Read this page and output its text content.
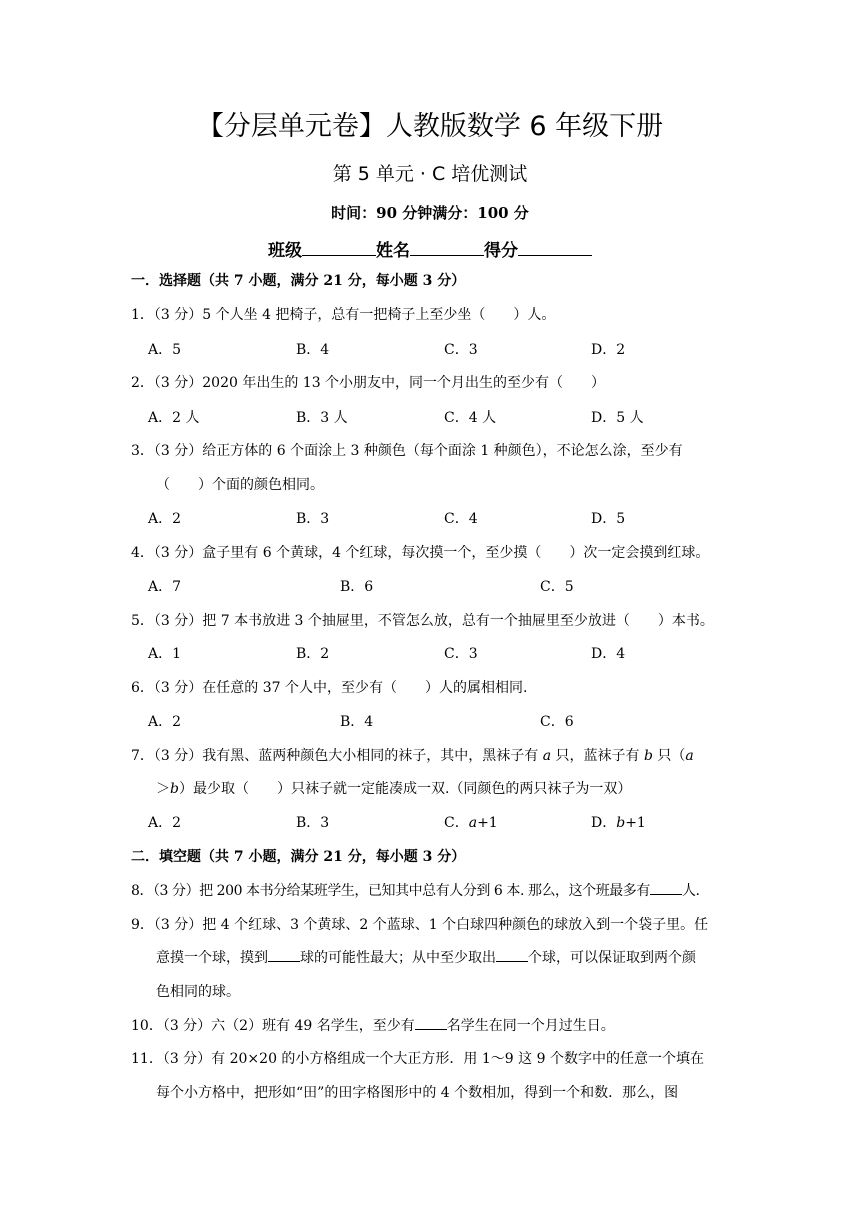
【分层单元卷】人教版数学 6 年级下册
第 5 单元 · C 培优测试
时间：90 分钟满分：100 分
班级	姓名	得分
一．选择题（共 7 小题，满分 21 分，每小题 3 分）
1．（3 分）5 个人坐 4 把椅子，总有一把椅子上至少坐（　　）人。
A．5	B．4	C．3	D．2
2．（3 分）2020 年出生的 13 个小朋友中，同一个月出生的至少有（　　）
A．2 人	B．3 人	C．4 人	D．5 人
3．（3 分）给正方体的 6 个面涂上 3 种颜色（每个面涂 1 种颜色），不论怎么涂，至少有
（　　）个面的颜色相同。
A．2	B．3	C．4	D．5
4．（3 分）盒子里有 6 个黄球，4 个红球，每次摸一个，至少摸（　　）次一定会摸到红球。
A．7	B．6	C．5
5．（3 分）把 7 本书放进 3 个抽屉里，不管怎么放，总有一个抽屉里至少放进（　　）本书。
A．1	B．2	C．3	D．4
6．（3 分）在任意的 37 个人中，至少有（　　）人的属相相同.
A．2	B．4	C．6
7．（3 分）我有黑、蓝两种颜色大小相同的袜子，其中，黑袜子有 a 只，蓝袜子有 b 只（a
＞b）最少取（　　）只袜子就一定能凑成一双.（同颜色的两只袜子为一双）
A．2	B．3	C．a+1	D．b+1
二．填空题（共 7 小题，满分 21 分，每小题 3 分）
8．（3 分）把 200 本书分给某班学生，已知其中总有人分到 6 本. 那么，这个班最多有 人.
9．（3 分）把 4 个红球、3 个黄球、2 个蓝球、1 个白球四种颜色的球放入到一个袋子里。任
意摸一个球，摸到 球的可能性最大；从中至少取出 个球，可以保证取到两个颜
色相同的球。
10．（3 分）六（2）班有 49 名学生，至少有 名学生在同一个月过生日。
11．（3 分）有 20×20 的小方格组成一个大正方形．用 1～9 这 9 个数字中的任意一个填在
每个小方格中，把形如“田”的田字格图形中的 4 个数相加，得到一个和数．那么，图
